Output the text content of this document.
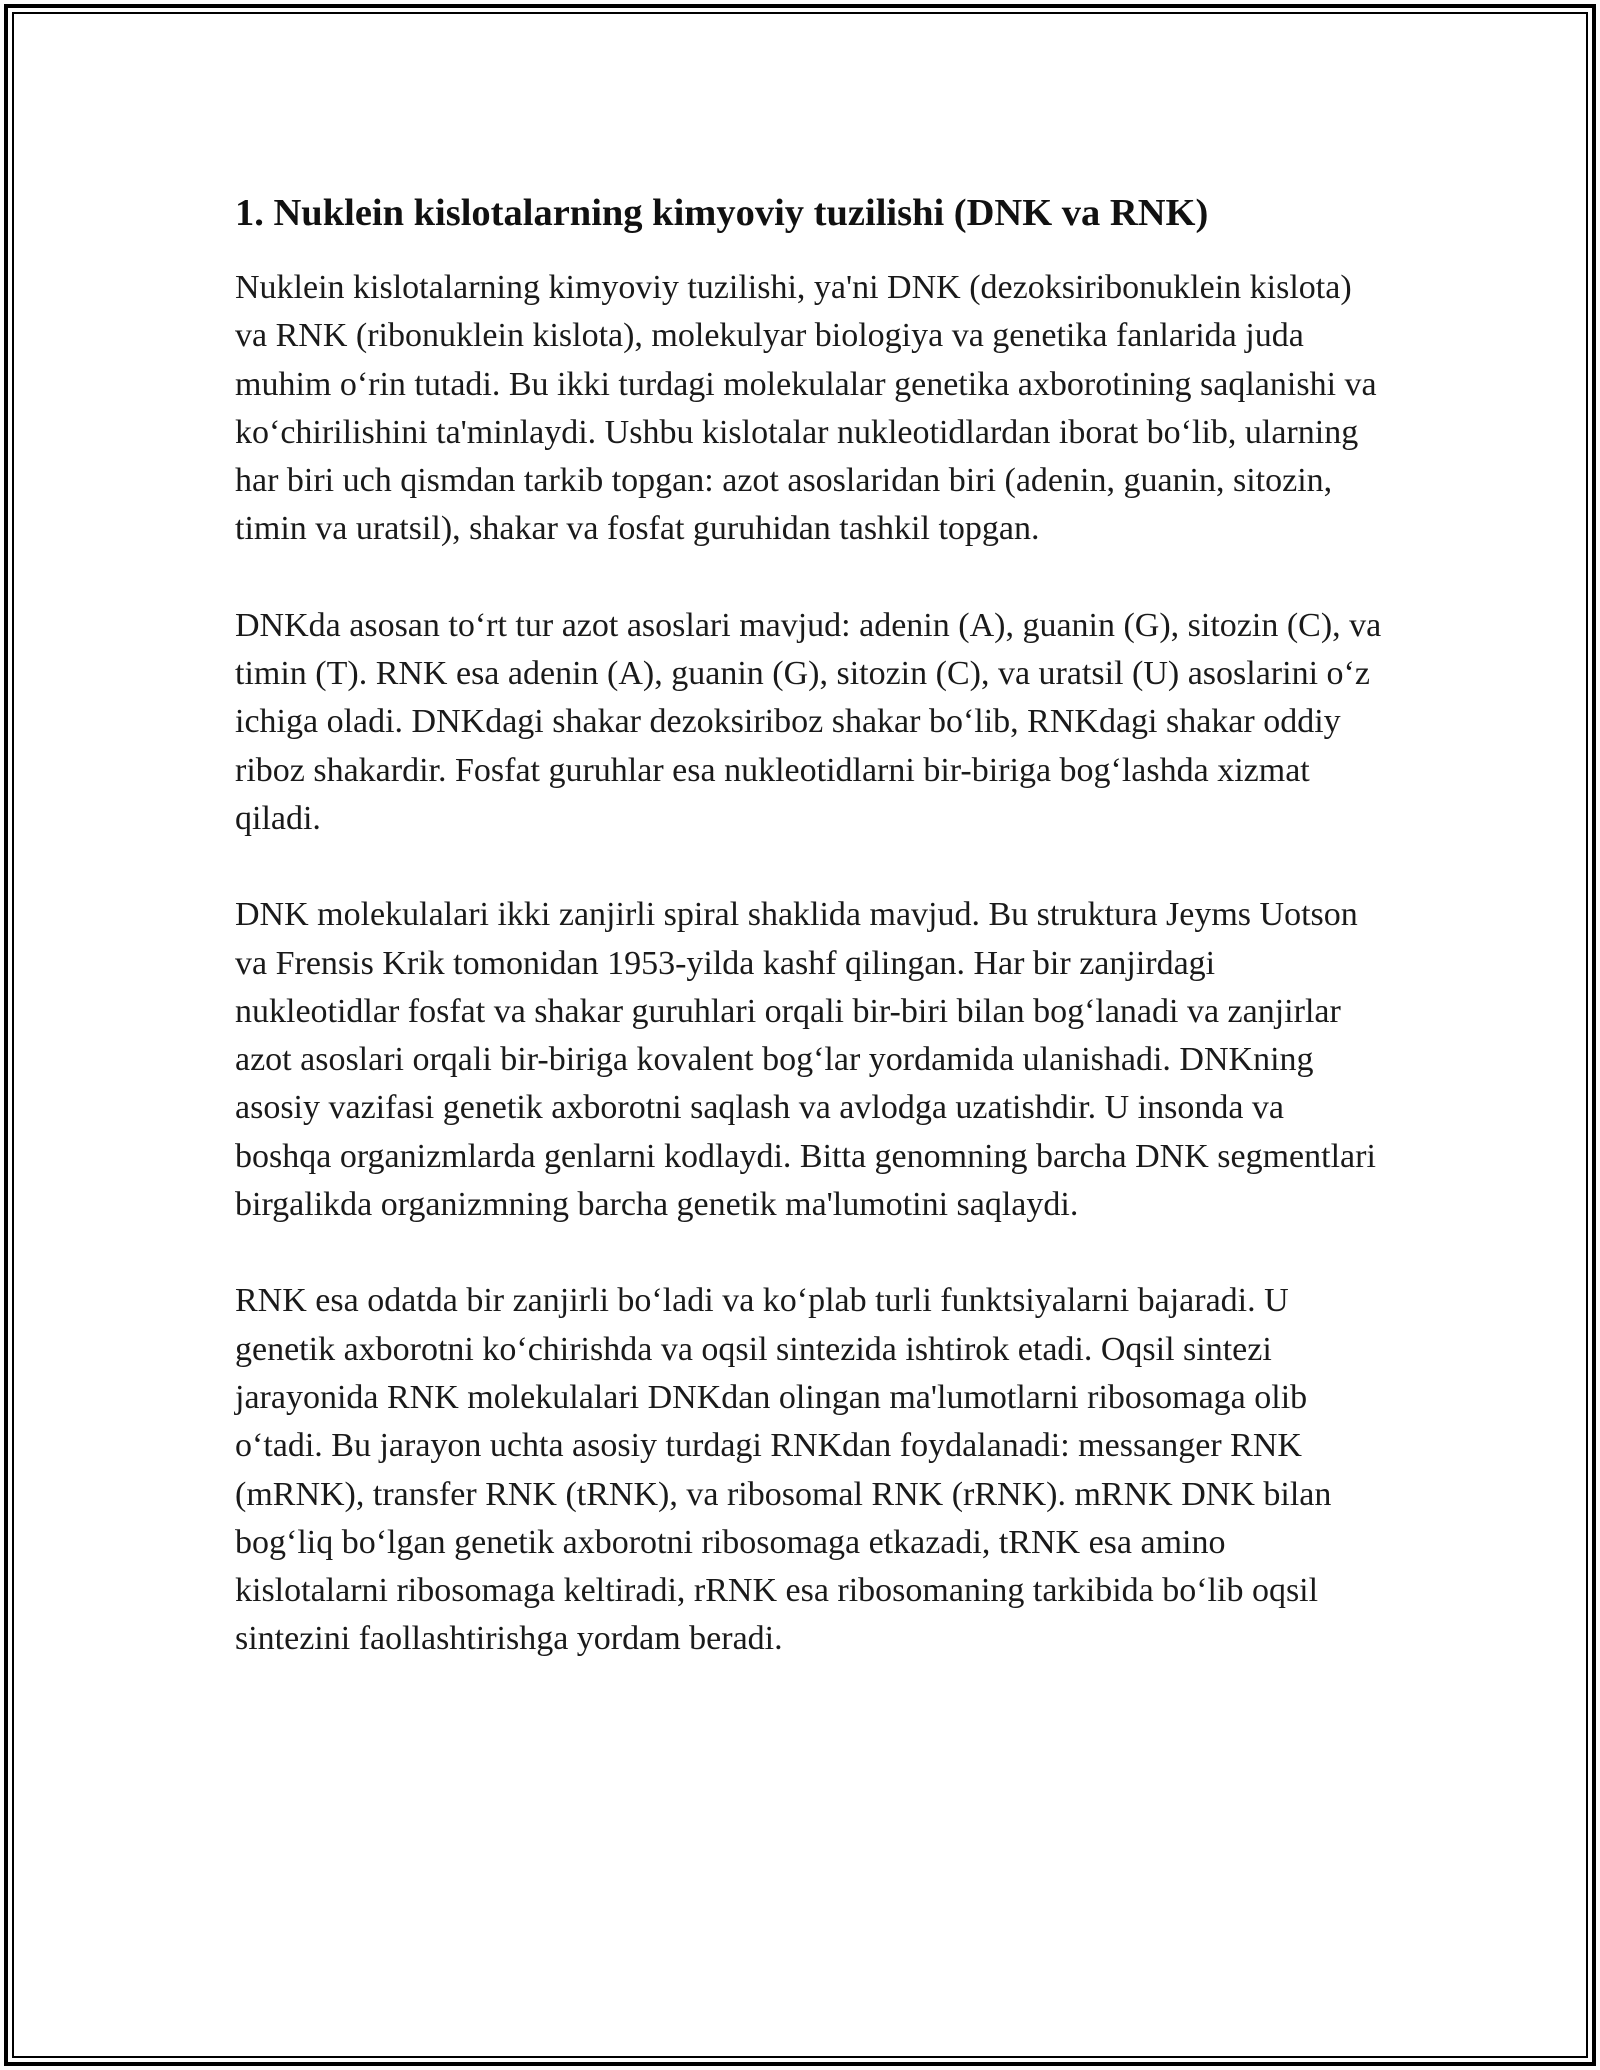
1. Nuklein kislotalarning kimyoviy tuzilishi (DNK va RNK)

Nuklein kislotalarning kimyoviy tuzilishi, ya'ni DNK (dezoksiribonuklein kislota) va RNK (ribonuklein kislota), molekulyar biologiya va genetika fanlarida juda muhim o‘rin tutadi. Bu ikki turdagi molekulalar genetika axborotining saqlanishi va ko‘chirilishini ta'minlaydi. Ushbu kislotalar nukleotidlardan iborat bo‘lib, ularning har biri uch qismdan tarkib topgan: azot asoslaridan biri (adenin, guanin, sitozin, timin va uratsil), shakar va fosfat guruhidan tashkil topgan.

DNKda asosan to‘rt tur azot asoslari mavjud: adenin (A), guanin (G), sitozin (C), va timin (T). RNK esa adenin (A), guanin (G), sitozin (C), va uratsil (U) asoslarini o‘z ichiga oladi. DNKdagi shakar dezoksiriboz shakar bo‘lib, RNKdagi shakar oddiy riboz shakardir. Fosfat guruhlar esa nukleotidlarni bir-biriga bog‘lashda xizmat qiladi.

DNK molekulalari ikki zanjirli spiral shaklida mavjud. Bu struktura Jeyms Uotson va Frensis Krik tomonidan 1953-yilda kashf qilingan. Har bir zanjirdagi nukleotidlar fosfat va shakar guruhlari orqali bir-biri bilan bog‘lanadi va zanjirlar azot asoslari orqali bir-biriga kovalent bog‘lar yordamida ulanishadi. DNKning asosiy vazifasi genetik axborotni saqlash va avlodga uzatishdir. U insonda va boshqa organizmlarda genlarni kodlaydi. Bitta genomning barcha DNK segmentlari birgalikda organizmning barcha genetik ma'lumotini saqlaydi.

RNK esa odatda bir zanjirli bo‘ladi va ko‘plab turli funktsiyalarni bajaradi. U genetik axborotni ko‘chirishda va oqsil sintezida ishtirok etadi. Oqsil sintezi jarayonida RNK molekulalari DNKdan olingan ma'lumotlarni ribosomaga olib o‘tadi. Bu jarayon uchta asosiy turdagi RNKdan foydalanadi: messanger RNK (mRNK), transfer RNK (tRNK), va ribosomal RNK (rRNK). mRNK DNK bilan bog‘liq bo‘lgan genetik axborotni ribosomaga etkazadi, tRNK esa amino kislotalarni ribosomaga keltiradi, rRNK esa ribosomaning tarkibida bo‘lib oqsil sintezini faollashtirishga yordam beradi.
